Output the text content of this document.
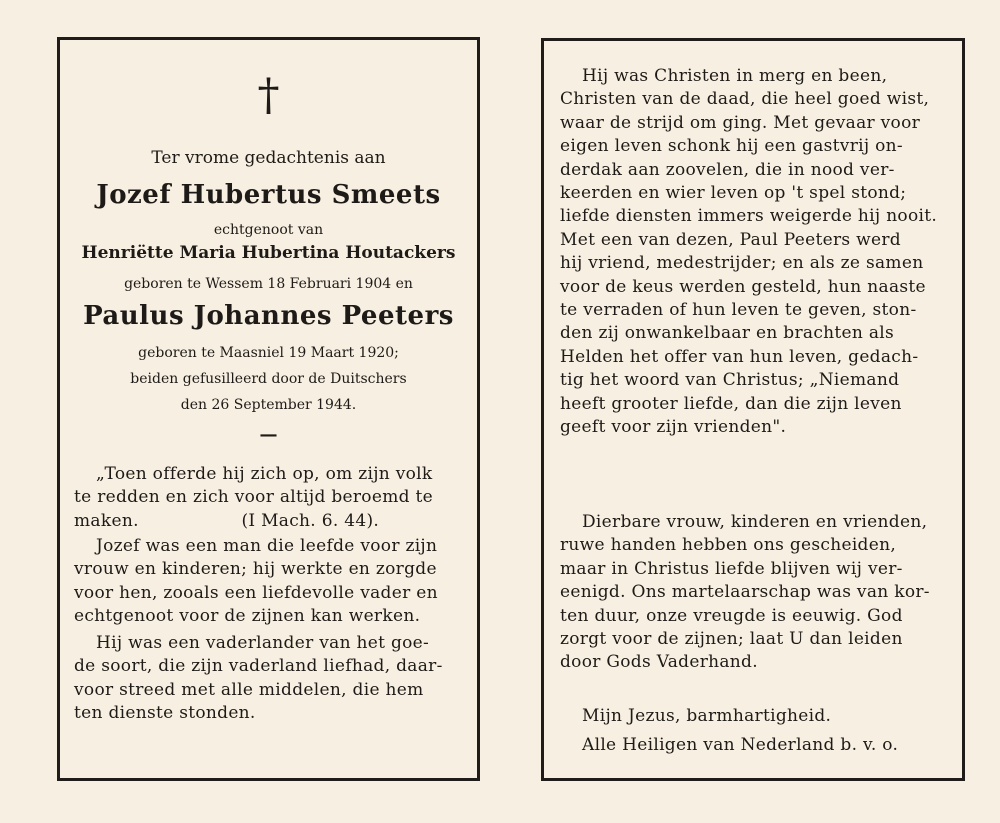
†
Ter vrome gedachtenis aan
Jozef Hubertus Smeets
echtgenoot van
Henriëtte Maria Hubertina Houtackers
geboren te Wessem 18 Februari 1904 en
Paulus Johannes Peeters
geboren te Maasniel 19 Maart 1920;
beiden gefusilleerd door de Duitschers
den 26 September 1944.
—
„Toen offerde hij zich op, om zijn volk
te redden en zich voor altijd beroemd te
maken.                  (I Mach. 6. 44).
Jozef was een man die leefde voor zijn
vrouw en kinderen; hij werkte en zorgde
voor hen, zooals een liefdevolle vader en
echtgenoot voor de zijnen kan werken.
Hij was een vaderlander van het goe-
de soort, die zijn vaderland liefhad, daar-
voor streed met alle middelen, die hem
ten dienste stonden.
Hij was Christen in merg en been,
Christen van de daad, die heel goed wist,
waar de strijd om ging. Met gevaar voor
eigen leven schonk hij een gastvrij on-
derdak aan zoovelen, die in nood ver-
keerden en wier leven op 't spel stond;
liefde diensten immers weigerde hij nooit.
Met een van dezen, Paul Peeters werd
hij vriend, medestrijder; en als ze samen
voor de keus werden gesteld, hun naaste
te verraden of hun leven te geven, ston-
den zij onwankelbaar en brachten als
Helden het offer van hun leven, gedach-
tig het woord van Christus; „Niemand
heeft grooter liefde, dan die zijn leven
geeft voor zijn vrienden".
Dierbare vrouw, kinderen en vrienden,
ruwe handen hebben ons gescheiden,
maar in Christus liefde blijven wij ver-
eenigd. Ons martelaarschap was van kor-
ten duur, onze vreugde is eeuwig. God
zorgt voor de zijnen; laat U dan leiden
door Gods Vaderhand.
Mijn Jezus, barmhartigheid.
Alle Heiligen van Nederland b. v. o.
